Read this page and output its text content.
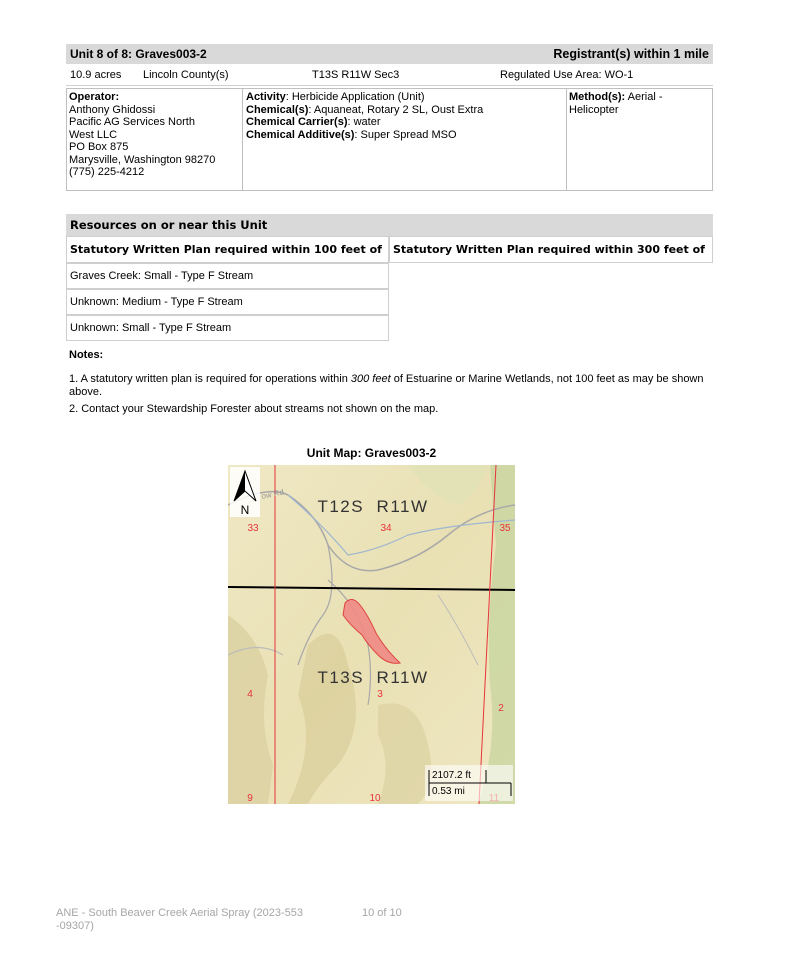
Unit 8 of 8: Graves003-2	Registrant(s) within 1 mile
10.9 acres Lincoln County(s)	T13S R11W Sec3	Regulated Use Area: WO-1
Operator:
Anthony Ghidossi
Pacific AG Services North
West LLC
PO Box 875
Marysville, Washington 98270
(775) 225-4212
Activity: Herbicide Application (Unit)
Chemical(s): Aquaneat, Rotary 2 SL, Oust Extra
Chemical Carrier(s): water
Chemical Additive(s): Super Spread MSO
Method(s): Aerial - Helicopter
Resources on or near this Unit
Statutory Written Plan required within 100 feet of	Statutory Written Plan required within 300 feet of
Graves Creek: Small - Type F Stream
Unknown: Medium - Type F Stream
Unknown: Small - Type F Stream
Notes:
1. A statutory written plan is required for operations within 300 feet of Estuarine or Marine Wetlands, not 100 feet as may be shown above.
2. Contact your Stewardship Forester about streams not shown on the map.
Unit Map: Graves003-2
N
ow Rd
T12S  R11W
T13S  R11W
33	34	35
4	3
2
9	10
2107.2 ft
0.53 mi
ANE - South Beaver Creek Aerial Spray (2023-553 -09307)
10 of 10
